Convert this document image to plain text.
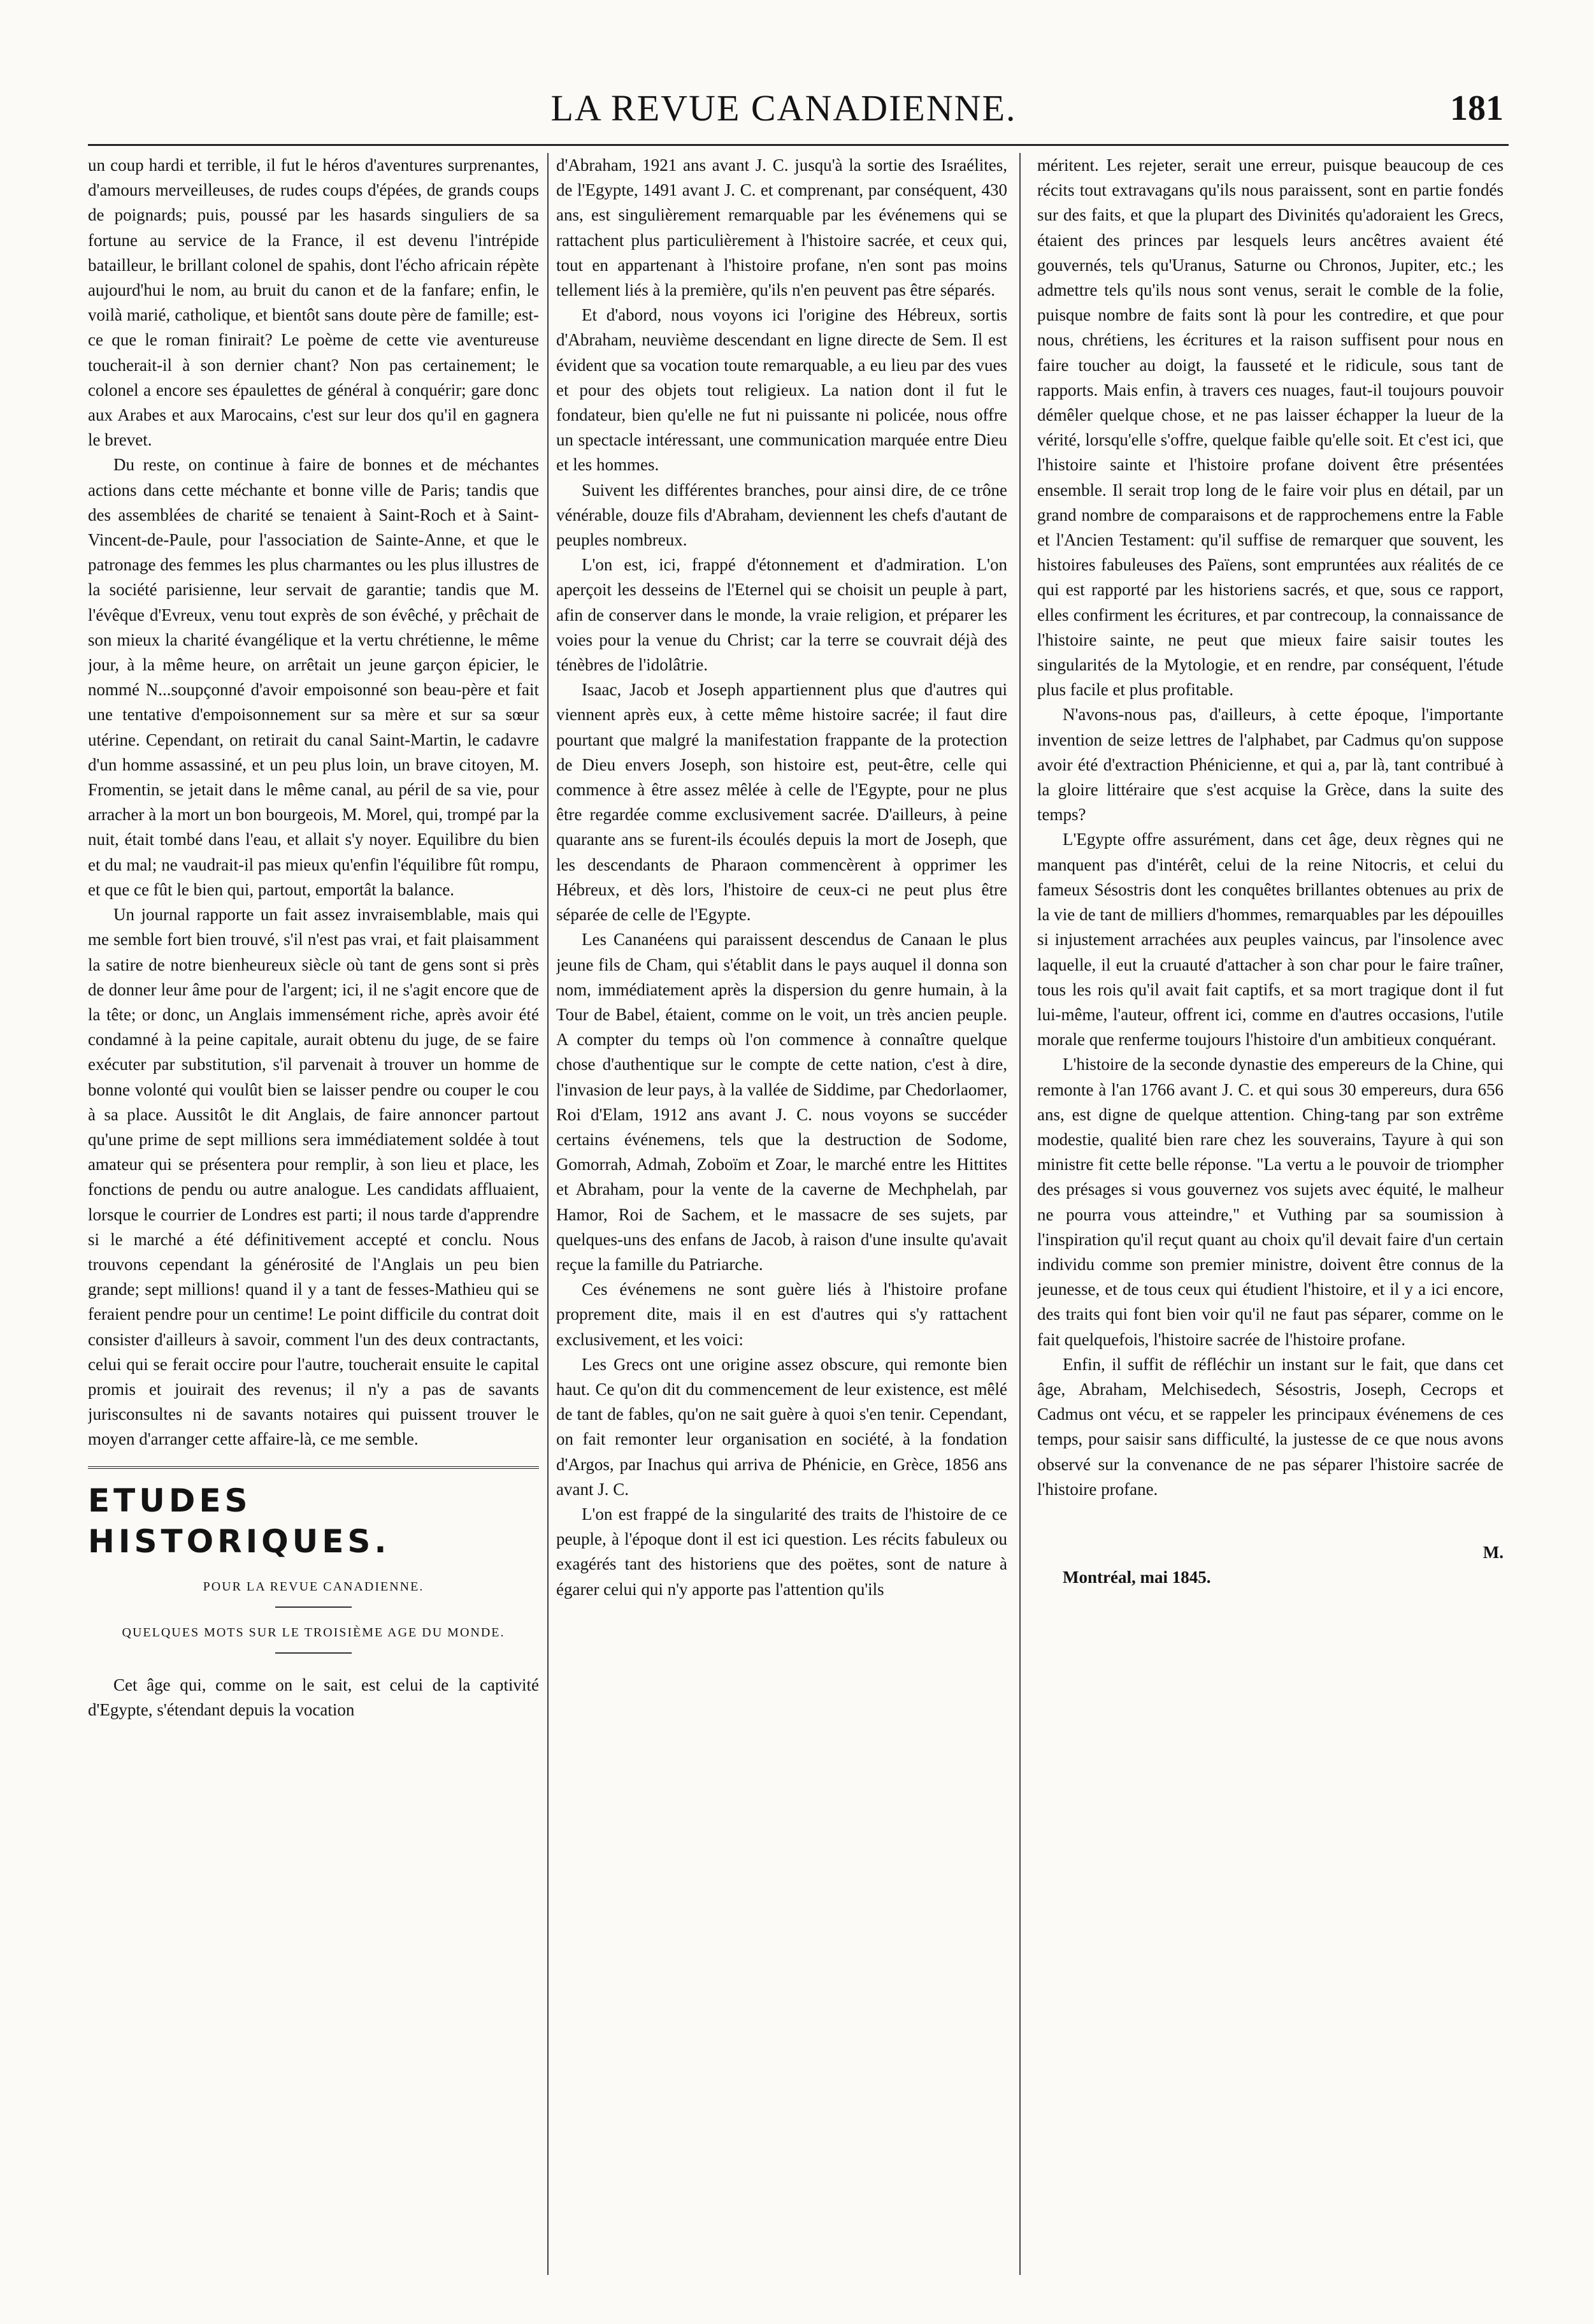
LA REVUE CANADIENNE.	181

un coup hardi et terrible, il fut le héros d'aventures surprenantes, d'amours merveilleuses, de rudes coups d'épées, de grands coups de poignards; puis, poussé par les hasards singuliers de sa fortune au service de la France, il est devenu l'intrépide batailleur, le brillant colonel de spahis, dont l'écho africain répète aujourd'hui le nom, au bruit du canon et de la fanfare; enfin, le voilà marié, catholique, et bientôt sans doute père de famille; est-ce que le roman finirait? Le poème de cette vie aventureuse toucherait-il à son dernier chant? Non pas certainement; le colonel a encore ses épaulettes de général à conquérir; gare donc aux Arabes et aux Marocains, c'est sur leur dos qu'il en gagnera le brevet.

Du reste, on continue à faire de bonnes et de méchantes actions dans cette méchante et bonne ville de Paris; tandis que des assemblées de charité se tenaient à Saint-Roch et à Saint-Vincent-de-Paule, pour l'association de Sainte-Anne, et que le patronage des femmes les plus charmantes ou les plus illustres de la société parisienne, leur servait de garantie; tandis que M. l'évêque d'Evreux, venu tout exprès de son évêché, y prêchait de son mieux la charité évangélique et la vertu chrétienne, le même jour, à la même heure, on arrêtait un jeune garçon épicier, le nommé N...soupçonné d'avoir empoisonné son beau-père et fait une tentative d'empoisonnement sur sa mère et sur sa sœur utérine. Cependant, on retirait du canal Saint-Martin, le cadavre d'un homme assassiné, et un peu plus loin, un brave citoyen, M. Fromentin, se jetait dans le même canal, au péril de sa vie, pour arracher à la mort un bon bourgeois, M. Morel, qui, trompé par la nuit, était tombé dans l'eau, et allait s'y noyer. Equilibre du bien et du mal; ne vaudrait-il pas mieux qu'enfin l'équilibre fût rompu, et que ce fût le bien qui, partout, emportât la balance.

Un journal rapporte un fait assez invraisemblable, mais qui me semble fort bien trouvé, s'il n'est pas vrai, et fait plaisamment la satire de notre bienheureux siècle où tant de gens sont si près de donner leur âme pour de l'argent; ici, il ne s'agit encore que de la tête; or donc, un Anglais immensément riche, après avoir été condamné à la peine capitale, aurait obtenu du juge, de se faire exécuter par substitution, s'il parvenait à trouver un homme de bonne volonté qui voulût bien se laisser pendre ou couper le cou à sa place. Aussitôt le dit Anglais, de faire annoncer partout qu'une prime de sept millions sera immédiatement soldée à tout amateur qui se présentera pour remplir, à son lieu et place, les fonctions de pendu ou autre analogue. Les candidats affluaient, lorsque le courrier de Londres est parti; il nous tarde d'apprendre si le marché a été définitivement accepté et conclu. Nous trouvons cependant la générosité de l'Anglais un peu bien grande; sept millions! quand il y a tant de fesses-Mathieu qui se feraient pendre pour un centime! Le point difficile du contrat doit consister d'ailleurs à savoir, comment l'un des deux contractants, celui qui se ferait occire pour l'autre, toucherait ensuite le capital promis et jouirait des revenus; il n'y a pas de savants jurisconsultes ni de savants notaires qui puissent trouver le moyen d'arranger cette affaire-là, ce me semble.

ETUDES HISTORIQUES.
POUR LA REVUE CANADIENNE.
QUELQUES MOTS SUR LE TROISIÈME AGE DU MONDE.

Cet âge qui, comme on le sait, est celui de la captivité d'Egypte, s'étendant depuis la vocation

d'Abraham, 1921 ans avant J. C. jusqu'à la sortie des Israélites, de l'Egypte, 1491 avant J. C. et comprenant, par conséquent, 430 ans, est singulièrement remarquable par les événemens qui se rattachent plus particulièrement à l'histoire sacrée, et ceux qui, tout en appartenant à l'histoire profane, n'en sont pas moins tellement liés à la première, qu'ils n'en peuvent pas être séparés.

Et d'abord, nous voyons ici l'origine des Hébreux, sortis d'Abraham, neuvième descendant en ligne directe de Sem. Il est évident que sa vocation toute remarquable, a eu lieu par des vues et pour des objets tout religieux. La nation dont il fut le fondateur, bien qu'elle ne fut ni puissante ni policée, nous offre un spectacle intéressant, une communication marquée entre Dieu et les hommes.

Suivent les différentes branches, pour ainsi dire, de ce trône vénérable, douze fils d'Abraham, deviennent les chefs d'autant de peuples nombreux.

L'on est, ici, frappé d'étonnement et d'admiration. L'on aperçoit les desseins de l'Eternel qui se choisit un peuple à part, afin de conserver dans le monde, la vraie religion, et préparer les voies pour la venue du Christ; car la terre se couvrait déjà des ténèbres de l'idolâtrie.

Isaac, Jacob et Joseph appartiennent plus que d'autres qui viennent après eux, à cette même histoire sacrée; il faut dire pourtant que malgré la manifestation frappante de la protection de Dieu envers Joseph, son histoire est, peut-être, celle qui commence à être assez mêlée à celle de l'Egypte, pour ne plus être regardée comme exclusivement sacrée. D'ailleurs, à peine quarante ans se furent-ils écoulés depuis la mort de Joseph, que les descendants de Pharaon commencèrent à opprimer les Hébreux, et dès lors, l'histoire de ceux-ci ne peut plus être séparée de celle de l'Egypte.

Les Cananéens qui paraissent descendus de Canaan le plus jeune fils de Cham, qui s'établit dans le pays auquel il donna son nom, immédiatement après la dispersion du genre humain, à la Tour de Babel, étaient, comme on le voit, un très ancien peuple. A compter du temps où l'on commence à connaître quelque chose d'authentique sur le compte de cette nation, c'est à dire, l'invasion de leur pays, à la vallée de Siddime, par Chedorlaomer, Roi d'Elam, 1912 ans avant J. C. nous voyons se succéder certains événemens, tels que la destruction de Sodome, Gomorrah, Admah, Zoboïm et Zoar, le marché entre les Hittites et Abraham, pour la vente de la caverne de Mechphelah, par Hamor, Roi de Sachem, et le massacre de ses sujets, par quelques-uns des enfans de Jacob, à raison d'une insulte qu'avait reçue la famille du Patriarche.

Ces événemens ne sont guère liés à l'histoire profane proprement dite, mais il en est d'autres qui s'y rattachent exclusivement, et les voici:

Les Grecs ont une origine assez obscure, qui remonte bien haut. Ce qu'on dit du commencement de leur existence, est mêlé de tant de fables, qu'on ne sait guère à quoi s'en tenir. Cependant, on fait remonter leur organisation en société, à la fondation d'Argos, par Inachus qui arriva de Phénicie, en Grèce, 1856 ans avant J. C.

L'on est frappé de la singularité des traits de l'histoire de ce peuple, à l'époque dont il est ici question. Les récits fabuleux ou exagérés tant des historiens que des poëtes, sont de nature à égarer celui qui n'y apporte pas l'attention qu'ils

méritent. Les rejeter, serait une erreur, puisque beaucoup de ces récits tout extravagans qu'ils nous paraissent, sont en partie fondés sur des faits, et que la plupart des Divinités qu'adoraient les Grecs, étaient des princes par lesquels leurs ancêtres avaient été gouvernés, tels qu'Uranus, Saturne ou Chronos, Jupiter, etc.; les admettre tels qu'ils nous sont venus, serait le comble de la folie, puisque nombre de faits sont là pour les contredire, et que pour nous, chrétiens, les écritures et la raison suffisent pour nous en faire toucher au doigt, la fausseté et le ridicule, sous tant de rapports. Mais enfin, à travers ces nuages, faut-il toujours pouvoir démêler quelque chose, et ne pas laisser échapper la lueur de la vérité, lorsqu'elle s'offre, quelque faible qu'elle soit. Et c'est ici, que l'histoire sainte et l'histoire profane doivent être présentées ensemble. Il serait trop long de le faire voir plus en détail, par un grand nombre de comparaisons et de rapprochemens entre la Fable et l'Ancien Testament: qu'il suffise de remarquer que souvent, les histoires fabuleuses des Païens, sont empruntées aux réalités de ce qui est rapporté par les historiens sacrés, et que, sous ce rapport, elles confirment les écritures, et par contrecoup, la connaissance de l'histoire sainte, ne peut que mieux faire saisir toutes les singularités de la Mytologie, et en rendre, par conséquent, l'étude plus facile et plus profitable.

N'avons-nous pas, d'ailleurs, à cette époque, l'importante invention de seize lettres de l'alphabet, par Cadmus qu'on suppose avoir été d'extraction Phénicienne, et qui a, par là, tant contribué à la gloire littéraire que s'est acquise la Grèce, dans la suite des temps?

L'Egypte offre assurément, dans cet âge, deux règnes qui ne manquent pas d'intérêt, celui de la reine Nitocris, et celui du fameux Sésostris dont les conquêtes brillantes obtenues au prix de la vie de tant de milliers d'hommes, remarquables par les dépouilles si injustement arrachées aux peuples vaincus, par l'insolence avec laquelle, il eut la cruauté d'attacher à son char pour le faire traîner, tous les rois qu'il avait fait captifs, et sa mort tragique dont il fut lui-même, l'auteur, offrent ici, comme en d'autres occasions, l'utile morale que renferme toujours l'histoire d'un ambitieux conquérant.

L'histoire de la seconde dynastie des empereurs de la Chine, qui remonte à l'an 1766 avant J. C. et qui sous 30 empereurs, dura 656 ans, est digne de quelque attention. Ching-tang par son extrême modestie, qualité bien rare chez les souverains, Tayure à qui son ministre fit cette belle réponse. "La vertu a le pouvoir de triompher des présages si vous gouvernez vos sujets avec équité, le malheur ne pourra vous atteindre," et Vuthing par sa soumission à l'inspiration qu'il reçut quant au choix qu'il devait faire d'un certain individu comme son premier ministre, doivent être connus de la jeunesse, et de tous ceux qui étudient l'histoire, et il y a ici encore, des traits qui font bien voir qu'il ne faut pas séparer, comme on le fait quelquefois, l'histoire sacrée de l'histoire profane.

Enfin, il suffit de réfléchir un instant sur le fait, que dans cet âge, Abraham, Melchisedech, Sésostris, Joseph, Cecrops et Cadmus ont vécu, et se rappeler les principaux événemens de ces temps, pour saisir sans difficulté, la justesse de ce que nous avons observé sur la convenance de ne pas séparer l'histoire sacrée de l'histoire profane.

M.

Montréal, mai 1845.
